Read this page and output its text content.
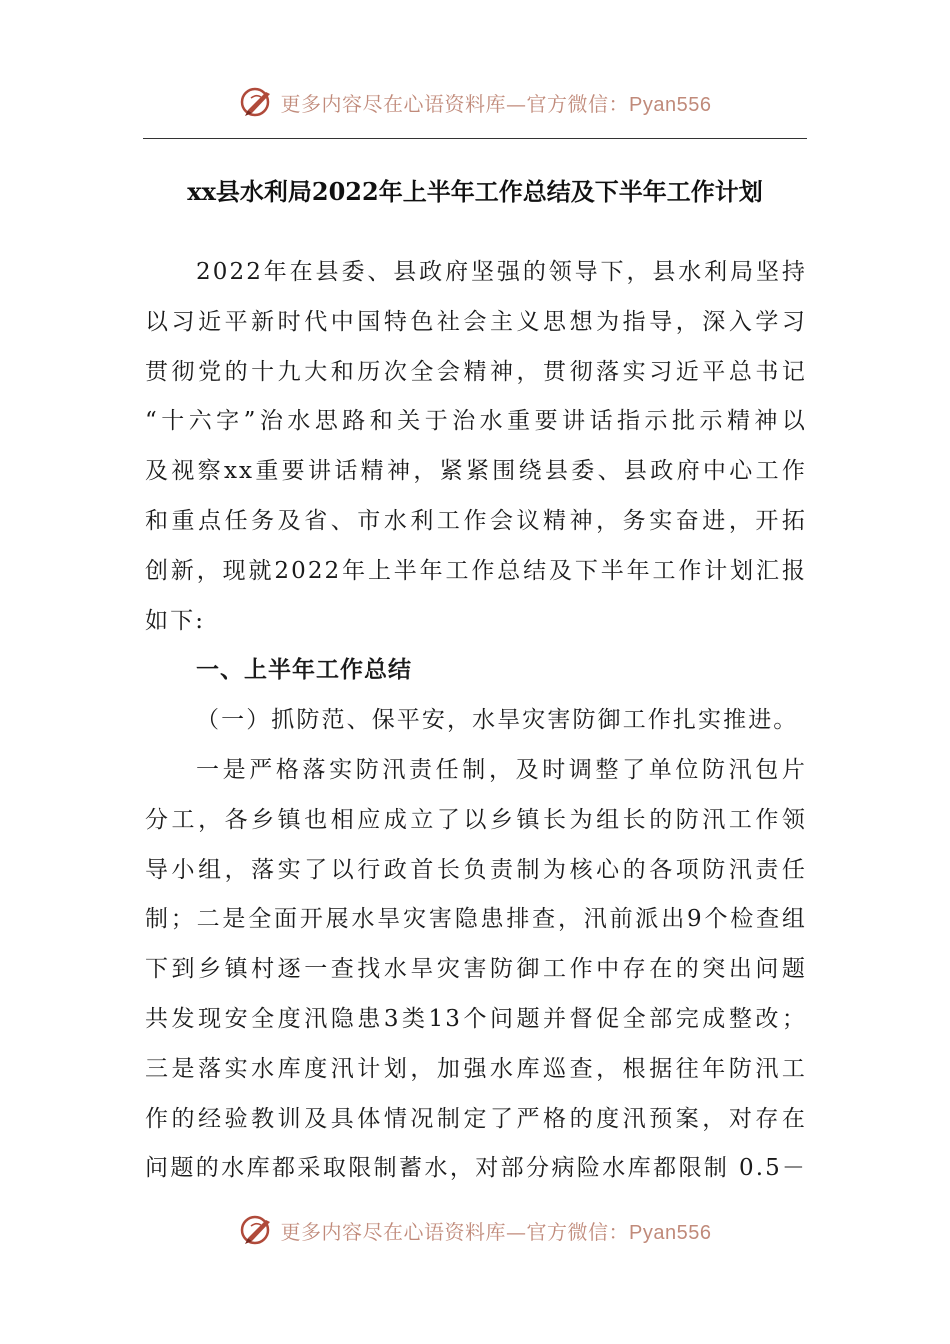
更多内容尽在心语资料库—官方微信：Pyan556
xx县水利局2022年上半年工作总结及下半年工作计划
2022年在县委、县政府坚强的领导下，县水利局坚持
以习近平新时代中国特色社会主义思想为指导，深入学习
贯彻党的十九大和历次全会精神，贯彻落实习近平总书记
“十六字”治水思路和关于治水重要讲话指示批示精神以
及视察xx重要讲话精神，紧紧围绕县委、县政府中心工作
和重点任务及省、市水利工作会议精神，务实奋进，开拓
创新，现就2022年上半年工作总结及下半年工作计划汇报
如下:
一、上半年工作总结
（一）抓防范、保平安，水旱灾害防御工作扎实推进。
一是严格落实防汛责任制，及时调整了单位防汛包片
分工，各乡镇也相应成立了以乡镇长为组长的防汛工作领
导小组，落实了以行政首长负责制为核心的各项防汛责任
制；二是全面开展水旱灾害隐患排查，汛前派出9个检查组
下到乡镇村逐一查找水旱灾害防御工作中存在的突出问题
共发现安全度汛隐患3类13个问题并督促全部完成整改；
三是落实水库度汛计划，加强水库巡查，根据往年防汛工
作的经验教训及具体情况制定了严格的度汛预案，对存在
问题的水库都采取限制蓄水，对部分病险水库都限制 0.5－
更多内容尽在心语资料库—官方微信：Pyan556
